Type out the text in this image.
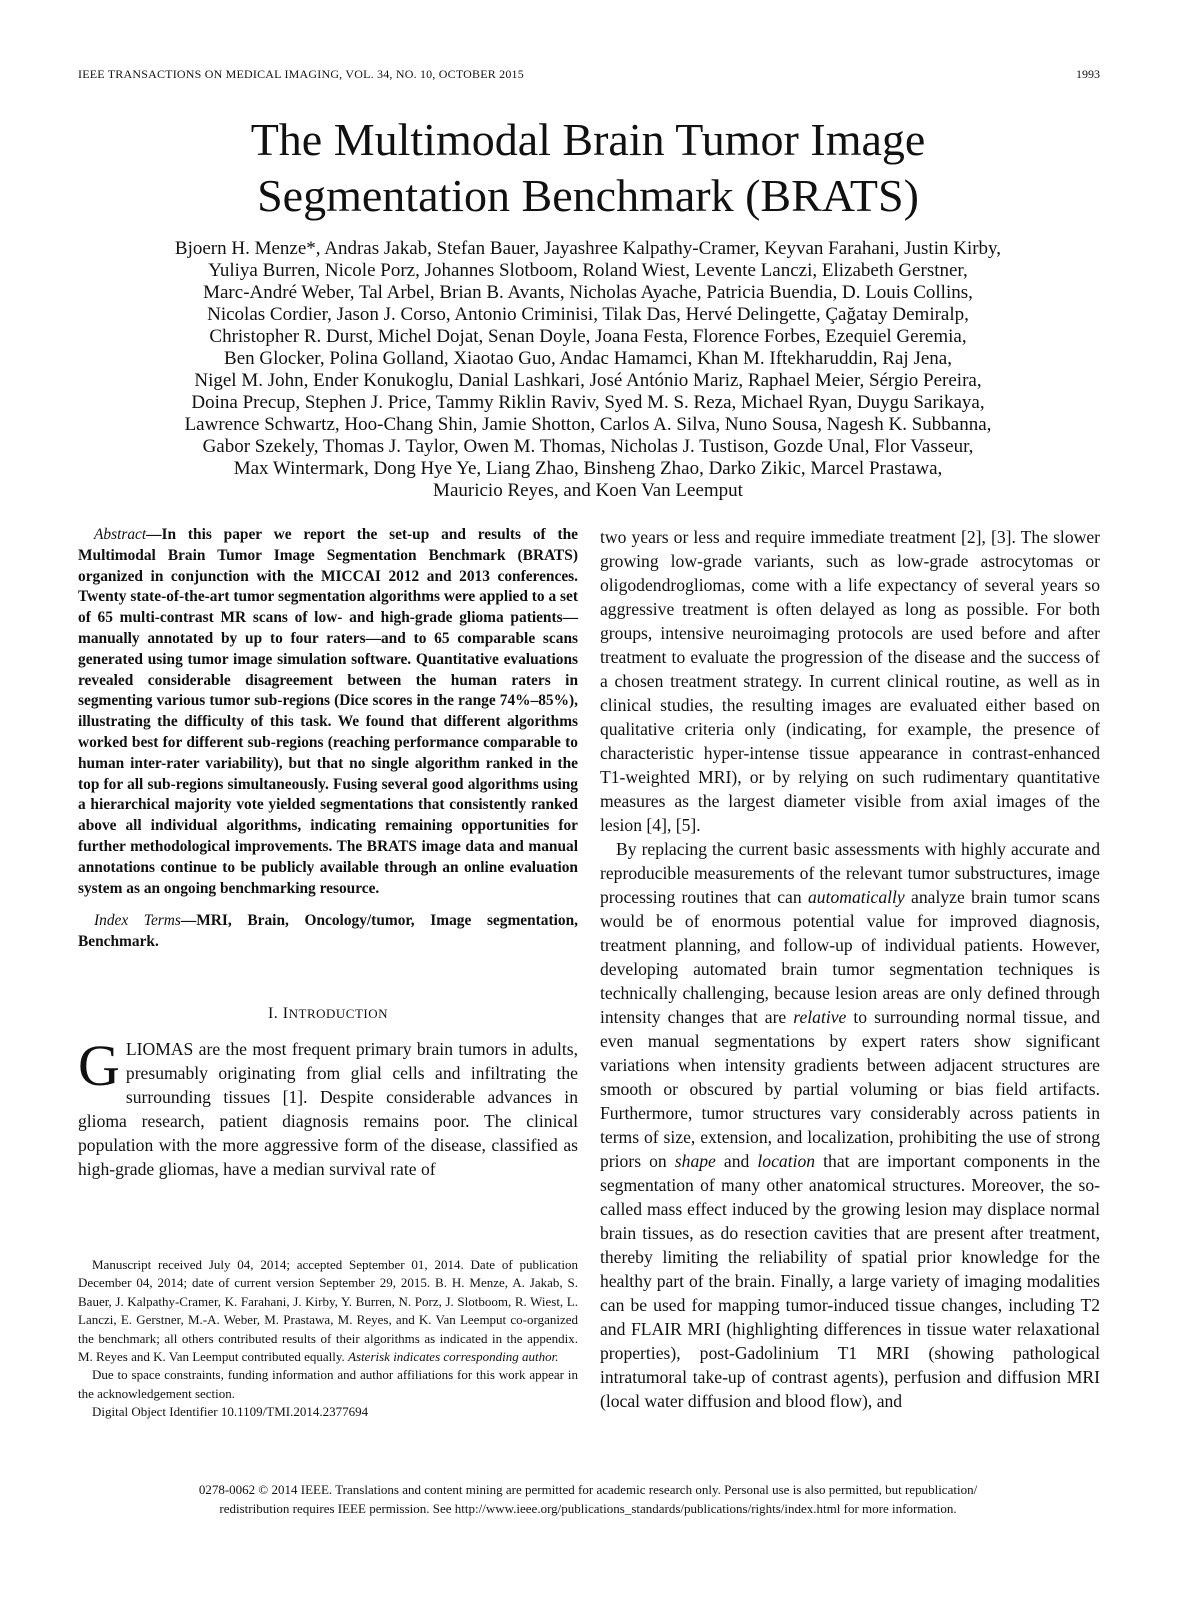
IEEE TRANSACTIONS ON MEDICAL IMAGING, VOL. 34, NO. 10, OCTOBER 2015	1993
The Multimodal Brain Tumor Image
Segmentation Benchmark (BRATS)
Bjoern H. Menze*, Andras Jakab, Stefan Bauer, Jayashree Kalpathy-Cramer, Keyvan Farahani, Justin Kirby,
Yuliya Burren, Nicole Porz, Johannes Slotboom, Roland Wiest, Levente Lanczi, Elizabeth Gerstner,
Marc-André Weber, Tal Arbel, Brian B. Avants, Nicholas Ayache, Patricia Buendia, D. Louis Collins,
Nicolas Cordier, Jason J. Corso, Antonio Criminisi, Tilak Das, Hervé Delingette, Çağatay Demiralp,
Christopher R. Durst, Michel Dojat, Senan Doyle, Joana Festa, Florence Forbes, Ezequiel Geremia,
Ben Glocker, Polina Golland, Xiaotao Guo, Andac Hamamci, Khan M. Iftekharuddin, Raj Jena,
Nigel M. John, Ender Konukoglu, Danial Lashkari, José António Mariz, Raphael Meier, Sérgio Pereira,
Doina Precup, Stephen J. Price, Tammy Riklin Raviv, Syed M. S. Reza, Michael Ryan, Duygu Sarikaya,
Lawrence Schwartz, Hoo-Chang Shin, Jamie Shotton, Carlos A. Silva, Nuno Sousa, Nagesh K. Subbanna,
Gabor Szekely, Thomas J. Taylor, Owen M. Thomas, Nicholas J. Tustison, Gozde Unal, Flor Vasseur,
Max Wintermark, Dong Hye Ye, Liang Zhao, Binsheng Zhao, Darko Zikic, Marcel Prastawa,
Mauricio Reyes, and Koen Van Leemput

Abstract—In this paper we report the set-up and results of the Multimodal Brain Tumor Image Segmentation Benchmark (BRATS) organized in conjunction with the MICCAI 2012 and 2013 conferences. Twenty state-of-the-art tumor segmentation algorithms were applied to a set of 65 multi-contrast MR scans of low- and high-grade glioma patients—manually annotated by up to four raters—and to 65 comparable scans generated using tumor image simulation software. Quantitative evaluations revealed considerable disagreement between the human raters in segmenting various tumor sub-regions (Dice scores in the range 74%–85%), illustrating the difficulty of this task. We found that different algorithms worked best for different sub-regions (reaching performance comparable to human inter-rater variability), but that no single algorithm ranked in the top for all sub-regions simultaneously. Fusing several good algorithms using a hierarchical majority vote yielded segmentations that consistently ranked above all individual algorithms, indicating remaining opportunities for further methodological improvements. The BRATS image data and manual annotations continue to be publicly available through an online evaluation system as an ongoing benchmarking resource.

Index Terms—MRI, Brain, Oncology/tumor, Image segmentation, Benchmark.

I. INTRODUCTION

GLIOMAS are the most frequent primary brain tumors in adults, presumably originating from glial cells and infiltrating the surrounding tissues [1]. Despite considerable advances in glioma research, patient diagnosis remains poor. The clinical population with the more aggressive form of the disease, classified as high-grade gliomas, have a median survival rate of

Manuscript received July 04, 2014; accepted September 01, 2014. Date of publication December 04, 2014; date of current version September 29, 2015. B. H. Menze, A. Jakab, S. Bauer, J. Kalpathy-Cramer, K. Farahani, J. Kirby, Y. Burren, N. Porz, J. Slotboom, R. Wiest, L. Lanczi, E. Gerstner, M.-A. Weber, M. Prastawa, M. Reyes, and K. Van Leemput co-organized the benchmark; all others contributed results of their algorithms as indicated in the appendix. M. Reyes and K. Van Leemput contributed equally. Asterisk indicates corresponding author.

Due to space constraints, funding information and author affiliations for this work appear in the acknowledgement section.

Digital Object Identifier 10.1109/TMI.2014.2377694

two years or less and require immediate treatment [2], [3]. The slower growing low-grade variants, such as low-grade astrocytomas or oligodendrogliomas, come with a life expectancy of several years so aggressive treatment is often delayed as long as possible. For both groups, intensive neuroimaging protocols are used before and after treatment to evaluate the progression of the disease and the success of a chosen treatment strategy. In current clinical routine, as well as in clinical studies, the resulting images are evaluated either based on qualitative criteria only (indicating, for example, the presence of characteristic hyper-intense tissue appearance in contrast-enhanced T1-weighted MRI), or by relying on such rudimentary quantitative measures as the largest diameter visible from axial images of the lesion [4], [5].

By replacing the current basic assessments with highly accurate and reproducible measurements of the relevant tumor substructures, image processing routines that can automatically analyze brain tumor scans would be of enormous potential value for improved diagnosis, treatment planning, and follow-up of individual patients. However, developing automated brain tumor segmentation techniques is technically challenging, because lesion areas are only defined through intensity changes that are relative to surrounding normal tissue, and even manual segmentations by expert raters show significant variations when intensity gradients between adjacent structures are smooth or obscured by partial voluming or bias field artifacts. Furthermore, tumor structures vary considerably across patients in terms of size, extension, and localization, prohibiting the use of strong priors on shape and location that are important components in the segmentation of many other anatomical structures. Moreover, the so-called mass effect induced by the growing lesion may displace normal brain tissues, as do resection cavities that are present after treatment, thereby limiting the reliability of spatial prior knowledge for the healthy part of the brain. Finally, a large variety of imaging modalities can be used for mapping tumor-induced tissue changes, including T2 and FLAIR MRI (highlighting differences in tissue water relaxational properties), post-Gadolinium T1 MRI (showing pathological intratumoral take-up of contrast agents), perfusion and diffusion MRI (local water diffusion and blood flow), and

0278-0062 © 2014 IEEE. Translations and content mining are permitted for academic research only. Personal use is also permitted, but republication/
redistribution requires IEEE permission. See http://www.ieee.org/publications_standards/publications/rights/index.html for more information.
